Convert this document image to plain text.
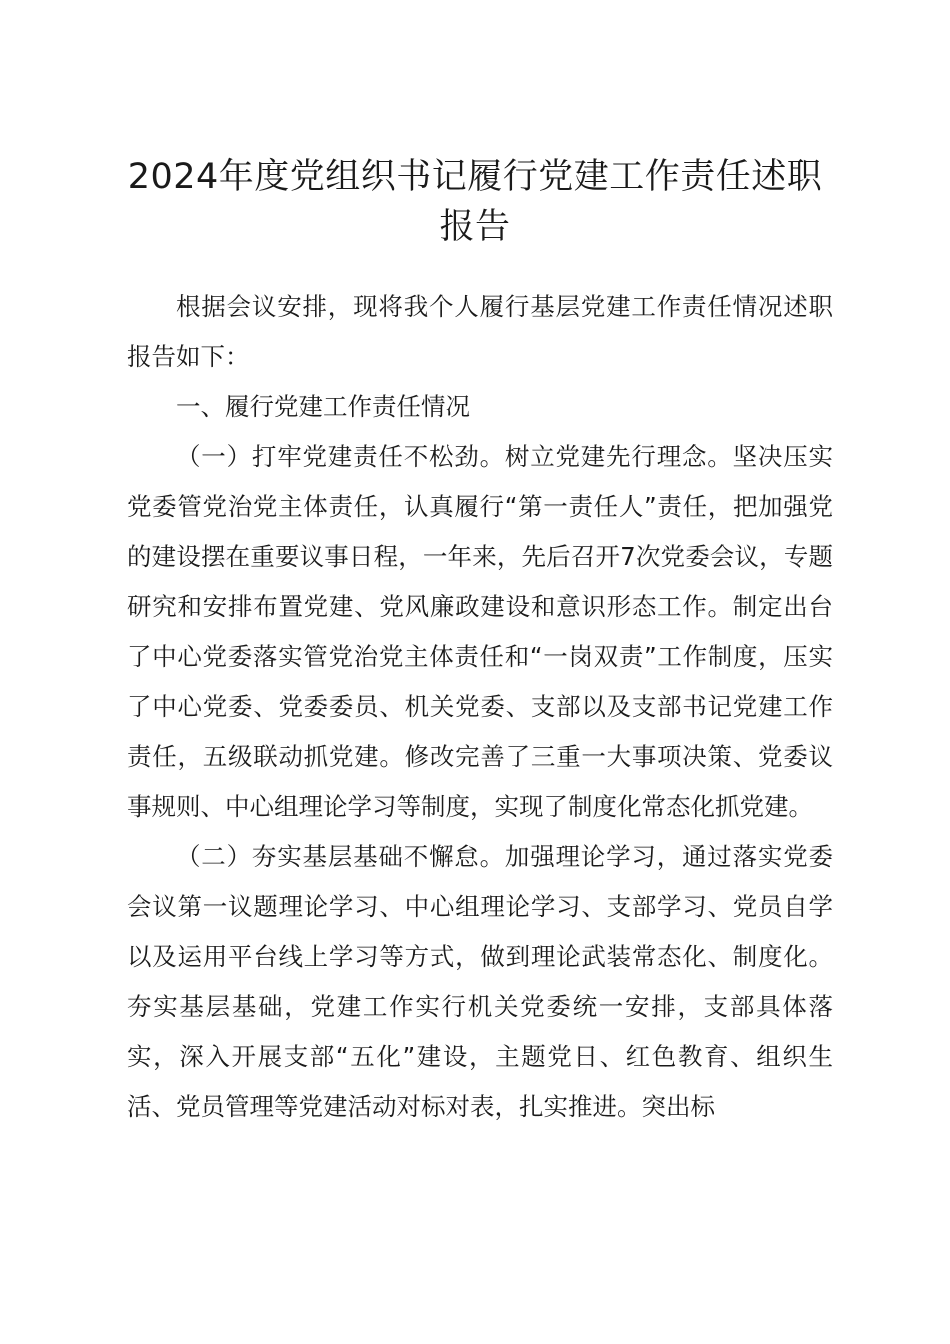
2024年度党组织书记履行党建工作责任述职报告

根据会议安排，现将我个人履行基层党建工作责任情况述职报告如下：

一、履行党建工作责任情况

（一）打牢党建责任不松劲。树立党建先行理念。坚决压实党委管党治党主体责任，认真履行“第一责任人”责任，把加强党的建设摆在重要议事日程，一年来，先后召开7次党委会议，专题研究和安排布置党建、党风廉政建设和意识形态工作。制定出台了中心党委落实管党治党主体责任和“一岗双责”工作制度，压实了中心党委、党委委员、机关党委、支部以及支部书记党建工作责任，五级联动抓党建。修改完善了三重一大事项决策、党委议事规则、中心组理论学习等制度，实现了制度化常态化抓党建。

（二）夯实基层基础不懈怠。加强理论学习，通过落实党委会议第一议题理论学习、中心组理论学习、支部学习、党员自学以及运用平台线上学习等方式，做到理论武装常态化、制度化。夯实基层基础，党建工作实行机关党委统一安排，支部具体落实，深入开展支部“五化”建设，主题党日、红色教育、组织生活、党员管理等党建活动对标对表，扎实推进。突出标
